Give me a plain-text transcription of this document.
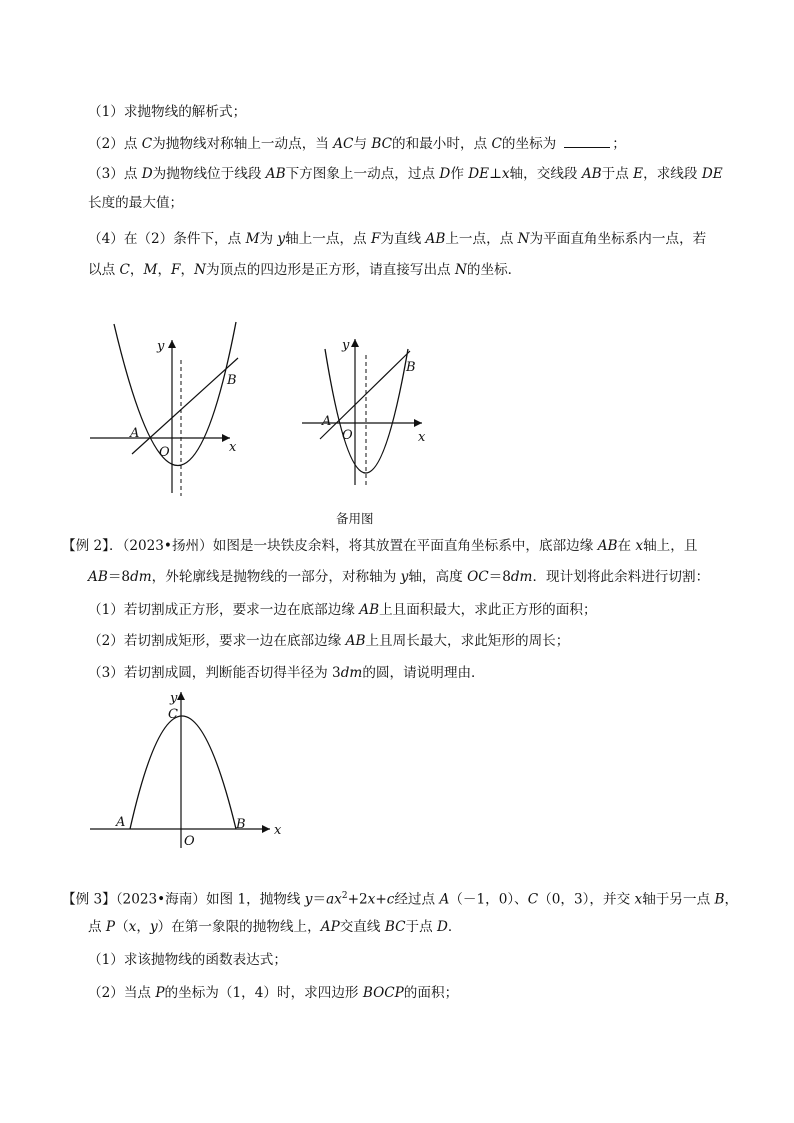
（1）求抛物线的解析式；
（2）点 C为抛物线对称轴上一动点，当 AC与 BC的和最小时，点 C的坐标为	；
（3）点 D为抛物线位于线段 AB下方图象上一动点，过点 D作 DE⊥x轴，交线段 AB于点 E，求线段 DE
长度的最大值；
（4）在（2）条件下，点 M为 y轴上一点，点 F为直线 AB上一点，点 N为平面直角坐标系内一点，若
以点 C，M，F，N为顶点的四边形是正方形，请直接写出点 N的坐标．
A
B
O	x
y
A
B
O	x
y
备用图
【例 2】．（2023•扬州）如图是一块铁皮余料，将其放置在平面直角坐标系中，底部边缘 AB在 x轴上，且
AB＝8dm，外轮廓线是抛物线的一部分，对称轴为 y轴，高度 OC＝8dm．现计划将此余料进行切割：
（1）若切割成正方形，要求一边在底部边缘 AB上且面积最大，求此正方形的面积；
（2）若切割成矩形，要求一边在底部边缘 AB上且周长最大，求此矩形的周长；
（3）若切割成圆，判断能否切得半径为 3dm的圆，请说明理由．
A	B
C
O
x
y
【例 3】（2023•海南）如图 1，抛物线 $y=ax^2+2x+c$经过点 A（－1，0）、C（0，3），并交 x轴于另一点 B，
点 P（x，y）在第一象限的抛物线上，AP交直线 BC于点 D．
（1）求该抛物线的函数表达式；
（2）当点 P的坐标为（1，4）时，求四边形 BOCP的面积；
